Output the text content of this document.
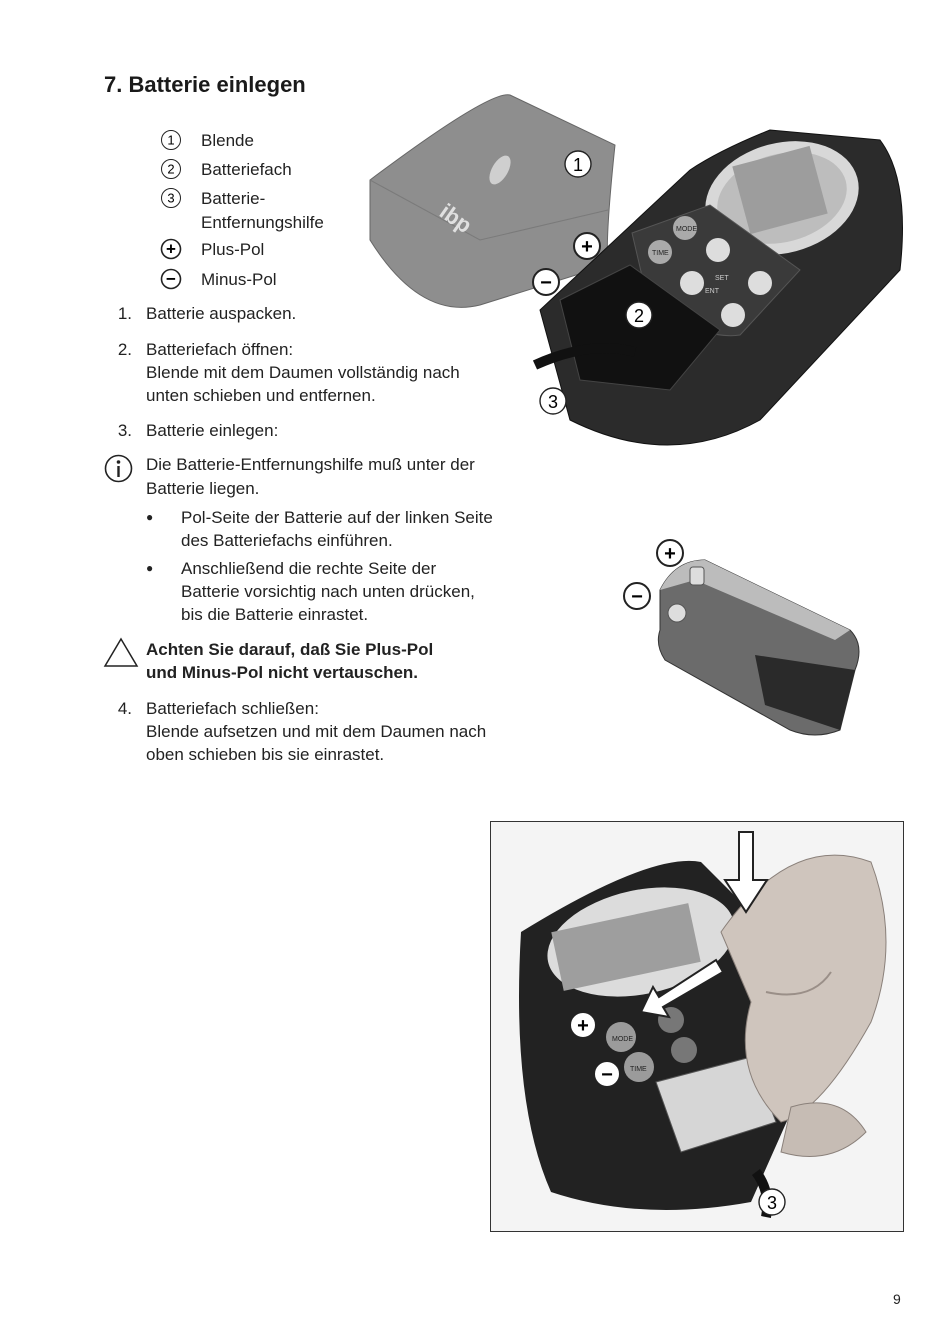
7. Batterie einlegen
1 Blende
2 Batteriefach
3 Batterie-
Entfernungshilfe
+ Plus-Pol
− Minus-Pol
1. Batterie auspacken.
2. Batteriefach öffnen:
Blende mit dem Daumen vollständig nach
unten schieben und entfernen.
3. Batterie einlegen:
Die Batterie-Entfernungshilfe muß unter der
Batterie liegen.
● Pol-Seite der Batterie auf der linken Seite
des Batteriefachs einführen.
● Anschließend die rechte Seite der
Batterie vorsichtig nach unten drücken,
bis die Batterie einrastet.
Achten Sie darauf, daß Sie Plus-Pol
und Minus-Pol nicht vertauschen.
4. Batteriefach schließen:
Blende aufsetzen und mit dem Daumen nach
oben schieben bis sie einrastet.
ibp	MODE
TIME
SET
ENT
1
+
−
2
3
+
−
MODE
TIME
+
−
3
9
